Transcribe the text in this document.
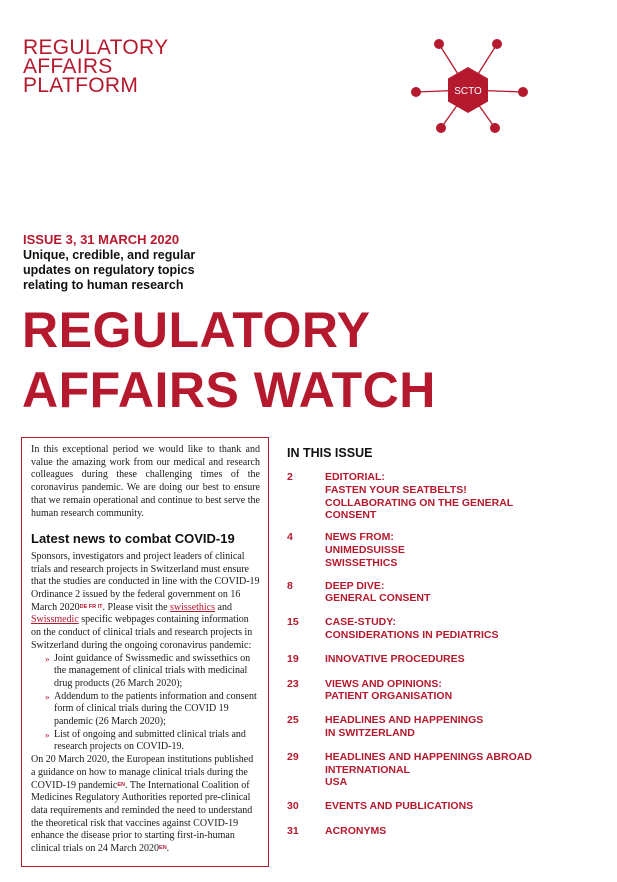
REGULATORY
AFFAIRS
PLATFORM	SCTO
ISSUE 3, 31 MARCH 2020
Unique, credible, and regular updates on regulatory topics relating to human research
REGULATORY
AFFAIRS WATCH

In this exceptional period we would like to thank and value the amazing work from our medical and research colleagues during these challenging times of the coronavirus pandemic. We are doing our best to ensure that we remain operational and continue to best serve the human research community.

Latest news to combat COVID-19

Sponsors, investigators and project leaders of clinical trials and research projects in Switzerland must ensure that the studies are conducted in line with the COVID-19 Ordinance 2 issued by the federal government on 16 March $2020^{DE FR IT}$. Please visit the swissethics and Swissmedic specific webpages containing information on the conduct of clinical trials and research projects in Switzerland during the ongoing coronavirus pandemic:

» Joint guidance of Swissmedic and swissethics on the management of clinical trials with medicinal drug products (26 March 2020);
» Addendum to the patients information and consent form of clinical trials during the COVID 19 pandemic (26 March 2020);
» List of ongoing and submitted clinical trials and research projects on COVID-19.

On 20 March 2020, the European institutions published a guidance on how to manage clinical trials during the COVID-19 pandemic$^{EN}$. The International Coalition of Medicines Regulatory Authorities reported pre-clinical data requirements and reminded the need to understand the theoretical risk that vaccines against COVID-19 enhance the disease prior to starting first-in-human clinical trials on 24 March $2020^{EN}$.

IN THIS ISSUE
2	EDITORIAL:
FASTEN YOUR SEATBELTS!
COLLABORATING ON THE GENERAL
CONSENT
4	NEWS FROM:
UNIMEDSUISSE
SWISSETHICS
8	DEEP DIVE:
GENERAL CONSENT
15	CASE-STUDY:
CONSIDERATIONS IN PEDIATRICS
19	INNOVATIVE PROCEDURES
23	VIEWS AND OPINIONS:
PATIENT ORGANISATION
25	HEADLINES AND HAPPENINGS
IN SWITZERLAND
29	HEADLINES AND HAPPENINGS ABROAD
INTERNATIONAL
USA
30	EVENTS AND PUBLICATIONS
31	ACRONYMS
